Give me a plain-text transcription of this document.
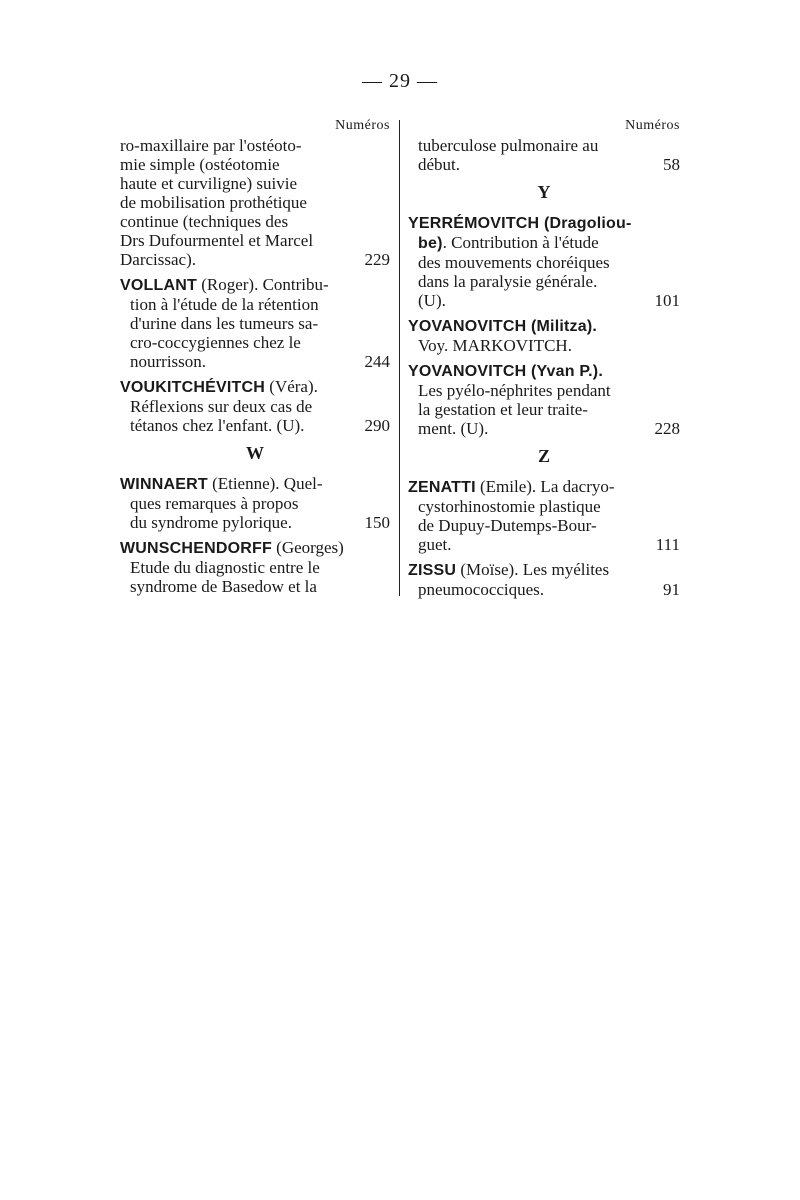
— 29 —
Numéros
ro-maxillaire par l'ostéoto-
mie simple (ostéotomie
haute et curviligne) suivie
de mobilisation prothétique
continue (techniques des
Drs Dufourmentel et Marcel
Darcissac).	229
VOLLANT (Roger). Contribu-
tion à l'étude de la rétention
d'urine dans les tumeurs sa-
cro-coccygiennes chez le
nourrisson.	244
VOUKITCHÉVITCH (Véra).
Réflexions sur deux cas de
tétanos chez l'enfant. (U).	290
W
WINNAERT (Etienne). Quel-
ques remarques à propos
du syndrome pylorique.	150
WUNSCHENDORFF (Georges)
Etude du diagnostic entre le
syndrome de Basedow et la
Numéros
tuberculose pulmonaire au
début.	58
Y
YERRÉMOVITCH (Dragoliou-
be). Contribution à l'étude
des mouvements choréiques
dans la paralysie générale.
(U).	101
YOVANOVITCH (Militza).
Voy. MARKOVITCH.
YOVANOVITCH (Yvan P.).
Les pyélo-néphrites pendant
la gestation et leur traite-
ment. (U).	228
Z
ZENATTI (Emile). La dacryo-
cystorhinostomie plastique
de Dupuy-Dutemps-Bour-
guet.	111
ZISSU (Moïse). Les myélites
pneumococciques.	91
